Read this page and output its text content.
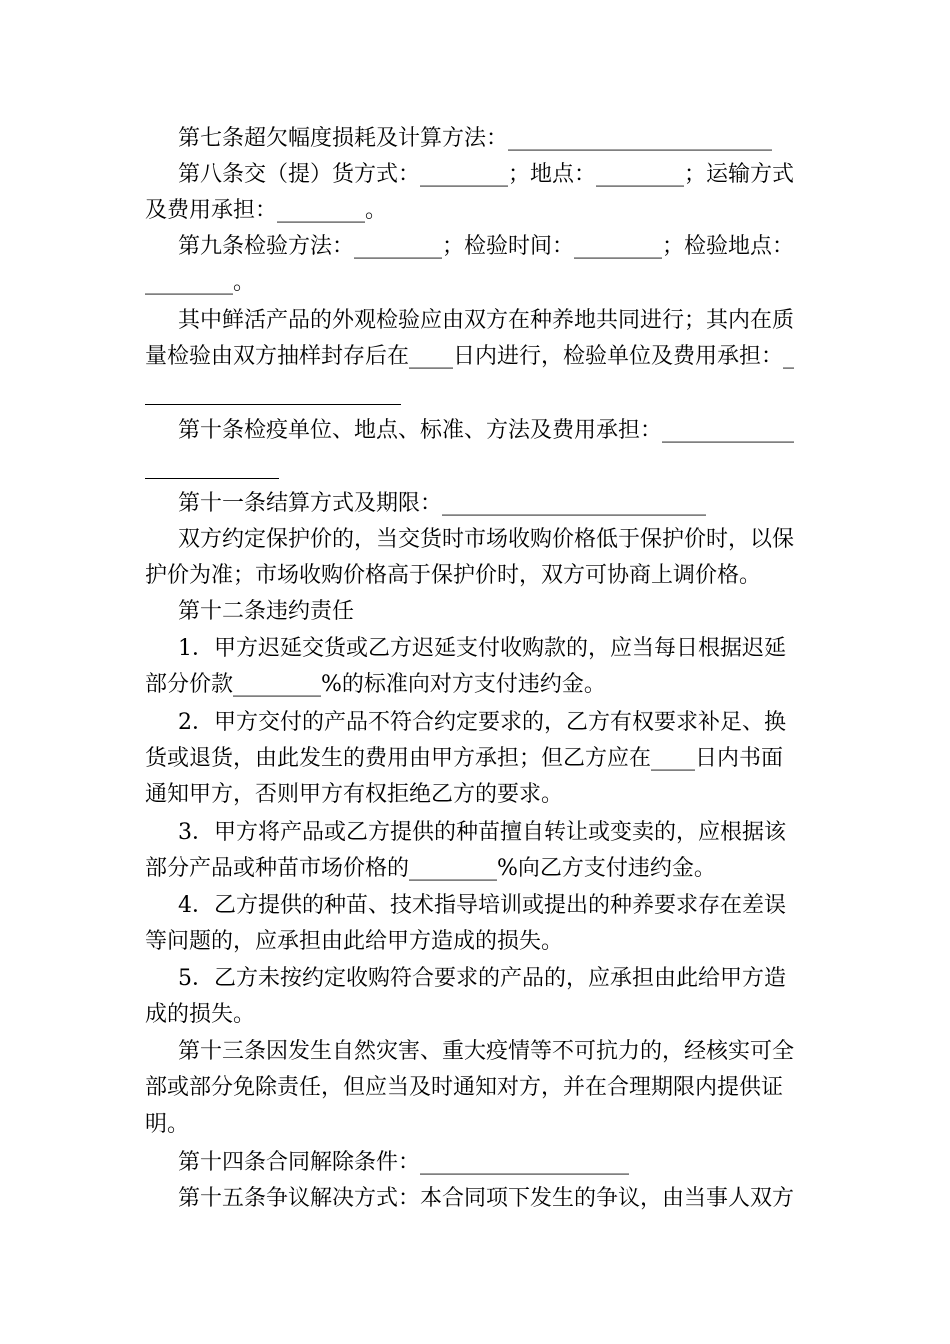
第七条超欠幅度损耗及计算方法：________________________
第八条交（提）货方式：________；地点：________；运输方式
及费用承担：________。
第九条检验方法：________；检验时间：________；检验地点：
________。
其中鲜活产品的外观检验应由双方在种养地共同进行；其内在质
量检验由双方抽样封存后在____日内进行，检验单位及费用承担：_
第十条检疫单位、地点、标准、方法及费用承担：____________
第十一条结算方式及期限：________________________
双方约定保护价的，当交货时市场收购价格低于保护价时，以保
护价为准；市场收购价格高于保护价时，双方可协商上调价格。
第十二条违约责任
1．甲方迟延交货或乙方迟延支付收购款的，应当每日根据迟延
部分价款________%的标准向对方支付违约金。
2．甲方交付的产品不符合约定要求的，乙方有权要求补足、换
货或退货，由此发生的费用由甲方承担；但乙方应在____日内书面
通知甲方，否则甲方有权拒绝乙方的要求。
3．甲方将产品或乙方提供的种苗擅自转让或变卖的，应根据该
部分产品或种苗市场价格的________%向乙方支付违约金。
4．乙方提供的种苗、技术指导培训或提出的种养要求存在差误
等问题的，应承担由此给甲方造成的损失。
5．乙方未按约定收购符合要求的产品的，应承担由此给甲方造
成的损失。
第十三条因发生自然灾害、重大疫情等不可抗力的，经核实可全
部或部分免除责任，但应当及时通知对方，并在合理期限内提供证
明。
第十四条合同解除条件：___________________
第十五条争议解决方式：本合同项下发生的争议，由当事人双方
